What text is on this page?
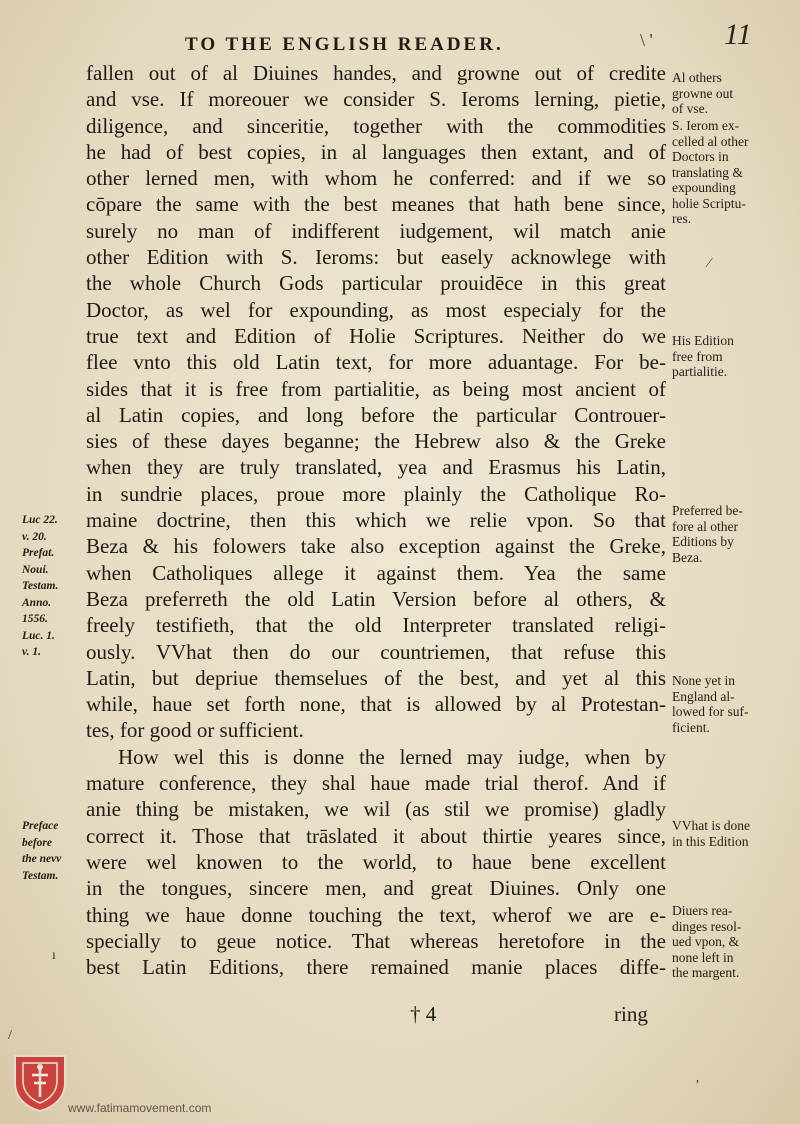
TO THE ENGLISH READER.	\ ' 11
fallen out of al Diuines handes, and growne out of credite
and vse. If moreouer we consider S. Ieroms lerning, pietie,
diligence, and sinceritie, together with the commodities
he had of best copies, in al languages then extant, and of
other lerned men, with whom he conferred: and if we so
cōpare the same with the best meanes that hath bene since,
surely no man of indifferent iudgement, wil match anie
other Edition with S. Ieroms: but easely acknowlege with
the whole Church Gods particular prouidēce in this great
Doctor, as wel for expounding, as most especialy for the
true text and Edition of Holie Scriptures. Neither do we
flee vnto this old Latin text, for more aduantage. For be-
sides that it is free from partialitie, as being most ancient of
al Latin copies, and long before the particular Controuer-
sies of these dayes beganne; the Hebrew also & the Greke
when they are truly translated, yea and Erasmus his Latin,
in sundrie places, proue more plainly the Catholique Ro-
maine doctrine, then this which we relie vpon. So that
Beza & his folowers take also exception against the Greke,
when Catholiques allege it against them. Yea the same
Beza preferreth the old Latin Version before al others, &
freely testifieth, that the old Interpreter translated religi-
ously. VVhat then do our countriemen, that refuse this
Latin, but depriue themselues of the best, and yet al this
while, haue set forth none, that is allowed by al Protestan-
tes, for good or sufficient.
How wel this is donne the lerned may iudge, when by
mature conference, they shal haue made trial therof. And if
anie thing be mistaken, we wil (as stil we promise) gladly
correct it. Those that trāslated it about thirtie yeares since,
were wel knowen to the world, to haue bene excellent
in the tongues, sincere men, and great Diuines. Only one
thing we haue donne touching the text, wherof we are e-
specially to geue notice. That whereas heretofore in the
best Latin Editions, there remained manie places diffe-
Al others
growne out
of vse.
S. Ierom ex-
celled al other
Doctors in
translating &
expounding
holie Scriptu-
res.
His Edition
free from
partialitie.
Preferred be-
fore al other
Editions by
Beza.
None yet in
England al-
lowed for suf-
ficient.
VVhat is done
in this Edition
Diuers rea-
dinges resol-
ued vpon, &
none left in
the margent.
Luc 22.
v. 20.
Prefat.
Noui.
Testam.
Anno.
1556.
Luc. 1.
v. 1.
Preface
before
the nevv
Testam.
ı
/
⁄
ʼ
† 4	ring
www.fatimamovement.com
